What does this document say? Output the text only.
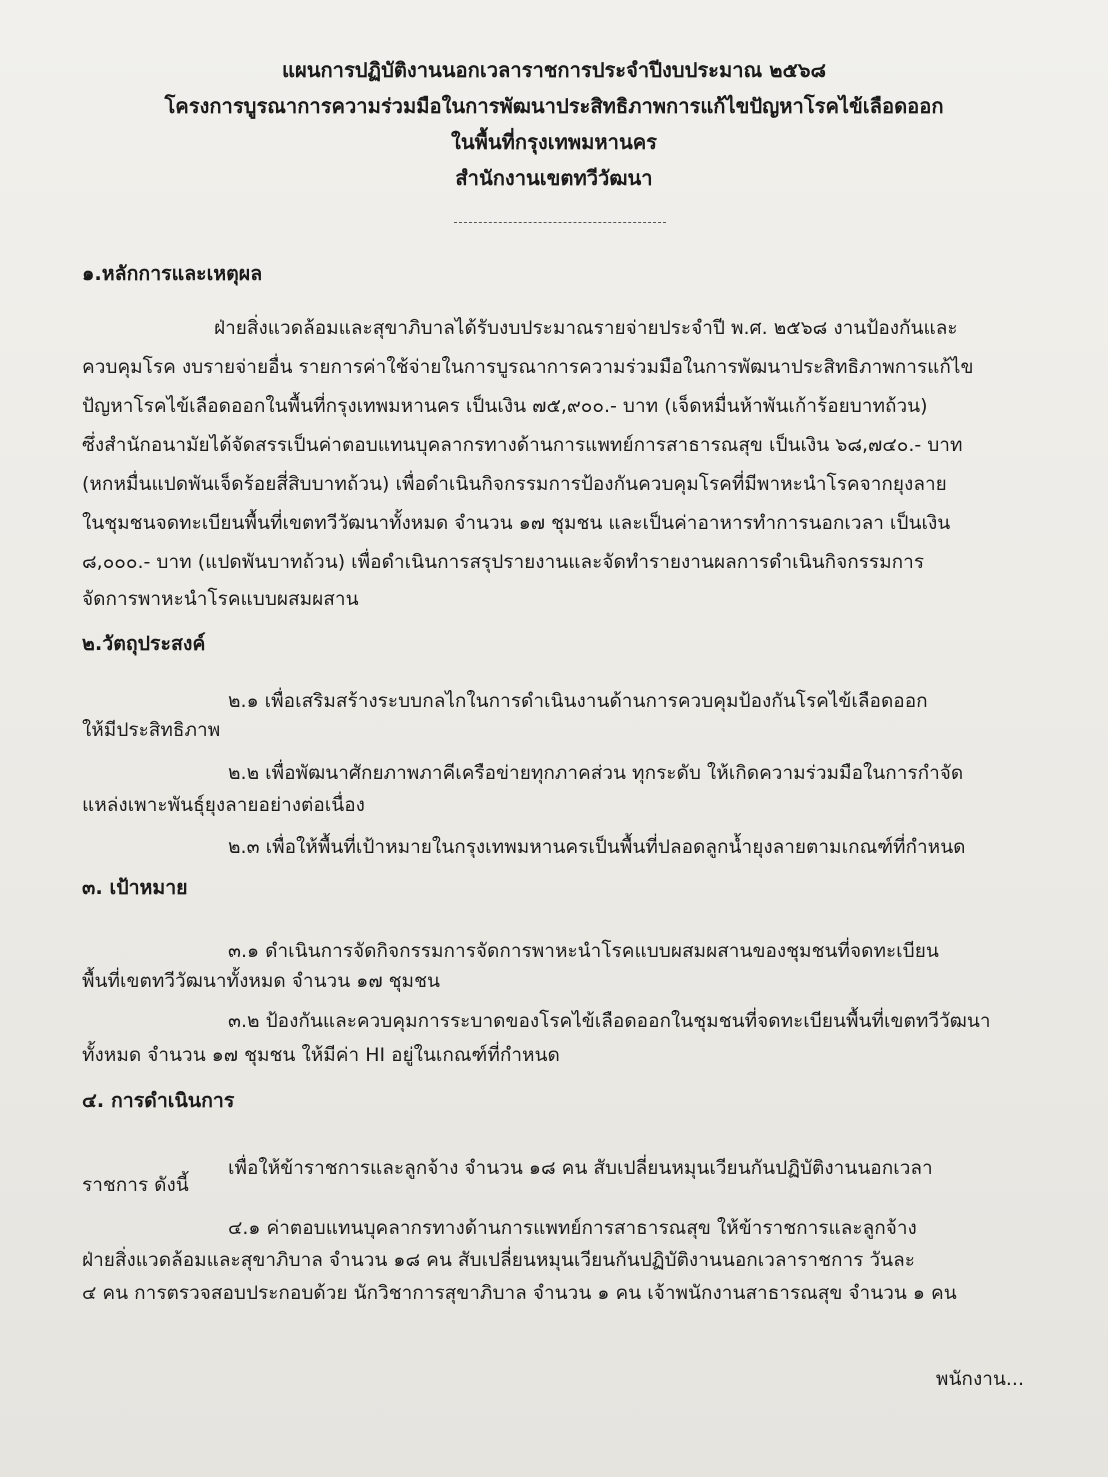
แผนการปฏิบัติงานนอกเวลาราชการประจำปีงบประมาณ ๒๕๖๘
โครงการบูรณาการความร่วมมือในการพัฒนาประสิทธิภาพการแก้ไขปัญหาโรคไข้เลือดออก
ในพื้นที่กรุงเทพมหานคร
สำนักงานเขตทวีวัฒนา
๑.หลักการและเหตุผล
ฝ่ายสิ่งแวดล้อมและสุขาภิบาลได้รับงบประมาณรายจ่ายประจำปี พ.ศ. ๒๕๖๘ งานป้องกันและ
ควบคุมโรค งบรายจ่ายอื่น รายการค่าใช้จ่ายในการบูรณาการความร่วมมือในการพัฒนาประสิทธิภาพการแก้ไข
ปัญหาโรคไข้เลือดออกในพื้นที่กรุงเทพมหานคร เป็นเงิน ๗๕,๙๐๐.- บาท (เจ็ดหมื่นห้าพันเก้าร้อยบาทถ้วน)
ซึ่งสำนักอนามัยได้จัดสรรเป็นค่าตอบแทนบุคลากรทางด้านการแพทย์การสาธารณสุข เป็นเงิน ๖๘,๗๔๐.- บาท
(หกหมื่นแปดพันเจ็ดร้อยสี่สิบบาทถ้วน) เพื่อดำเนินกิจกรรมการป้องกันควบคุมโรคที่มีพาหะนำโรคจากยุงลาย
ในชุมชนจดทะเบียนพื้นที่เขตทวีวัฒนาทั้งหมด จำนวน ๑๗ ชุมชน และเป็นค่าอาหารทำการนอกเวลา เป็นเงิน
๘,๐๐๐.- บาท (แปดพันบาทถ้วน) เพื่อดำเนินการสรุปรายงานและจัดทำรายงานผลการดำเนินกิจกรรมการ
จัดการพาหะนำโรคแบบผสมผสาน
๒.วัตถุประสงค์
๒.๑ เพื่อเสริมสร้างระบบกลไกในการดำเนินงานด้านการควบคุมป้องกันโรคไข้เลือดออก
ให้มีประสิทธิภาพ
๒.๒ เพื่อพัฒนาศักยภาพภาคีเครือข่ายทุกภาคส่วน ทุกระดับ ให้เกิดความร่วมมือในการกำจัด
แหล่งเพาะพันธุ์ยุงลายอย่างต่อเนื่อง
๒.๓ เพื่อให้พื้นที่เป้าหมายในกรุงเทพมหานครเป็นพื้นที่ปลอดลูกน้ำยุงลายตามเกณฑ์ที่กำหนด
๓. เป้าหมาย
๓.๑ ดำเนินการจัดกิจกรรมการจัดการพาหะนำโรคแบบผสมผสานของชุมชนที่จดทะเบียน
พื้นที่เขตทวีวัฒนาทั้งหมด จำนวน ๑๗ ชุมชน
๓.๒ ป้องกันและควบคุมการระบาดของโรคไข้เลือดออกในชุมชนที่จดทะเบียนพื้นที่เขตทวีวัฒนา
ทั้งหมด จำนวน ๑๗ ชุมชน ให้มีค่า HI อยู่ในเกณฑ์ที่กำหนด
๔. การดำเนินการ
เพื่อให้ข้าราชการและลูกจ้าง จำนวน ๑๘ คน สับเปลี่ยนหมุนเวียนกันปฏิบัติงานนอกเวลา
ราชการ ดังนี้
๔.๑ ค่าตอบแทนบุคลากรทางด้านการแพทย์การสาธารณสุข ให้ข้าราชการและลูกจ้าง
ฝ่ายสิ่งแวดล้อมและสุขาภิบาล จำนวน ๑๘ คน สับเปลี่ยนหมุนเวียนกันปฏิบัติงานนอกเวลาราชการ วันละ
๔ คน การตรวจสอบประกอบด้วย นักวิชาการสุขาภิบาล จำนวน ๑ คน เจ้าพนักงานสาธารณสุข จำนวน ๑ คน
พนักงาน...
